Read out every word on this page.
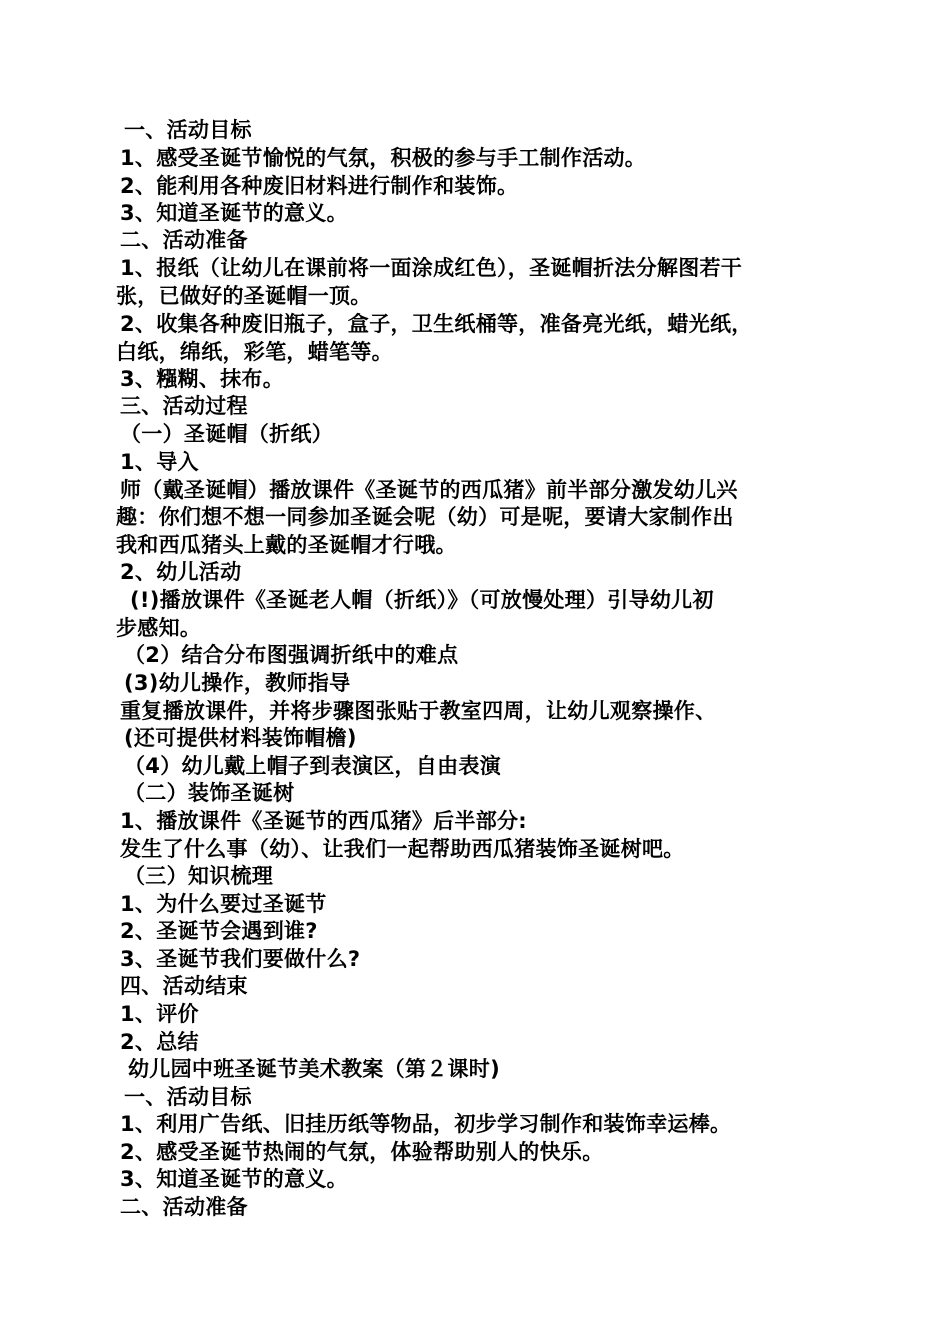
一、活动目标
1、感受圣诞节愉悦的气氛，积极的参与手工制作活动。
2、能利用各种废旧材料进行制作和装饰。
3、知道圣诞节的意义。
二、活动准备
1、报纸（让幼儿在课前将一面涂成红色），圣诞帽折法分解图若干
张，已做好的圣诞帽一顶。
2、收集各种废旧瓶子，盒子，卫生纸桶等，准备亮光纸，蜡光纸，
白纸，绵纸，彩笔，蜡笔等。
3、糨糊、抹布。
三、活动过程
（一）圣诞帽（折纸）
1、导入
师（戴圣诞帽）播放课件《圣诞节的西瓜猪》前半部分激发幼儿兴
趣：你们想不想一同参加圣诞会呢（幼）可是呢，要请大家制作出
我和西瓜猪头上戴的圣诞帽才行哦。
2、幼儿活动
(!)播放课件《圣诞老人帽（折纸）》（可放慢处理）引导幼儿初
步感知。
（2）结合分布图强调折纸中的难点
(3)幼儿操作，教师指导
重复播放课件，并将步骤图张贴于教室四周，让幼儿观察操作、
(还可提供材料装饰帽檐)
（4）幼儿戴上帽子到表演区，自由表演
（二）装饰圣诞树
1、播放课件《圣诞节的西瓜猪》后半部分:
发生了什么事（幼）、让我们一起帮助西瓜猪装饰圣诞树吧。
（三）知识梳理
1、为什么要过圣诞节
2、圣诞节会遇到谁?
3、圣诞节我们要做什么?
四、活动结束
1、评价
2、总结
幼儿园中班圣诞节美术教案（第２课时)
一、活动目标
1、利用广告纸、旧挂历纸等物品，初步学习制作和装饰幸运棒。
2、感受圣诞节热闹的气氛，体验帮助别人的快乐。
3、知道圣诞节的意义。
二、活动准备
